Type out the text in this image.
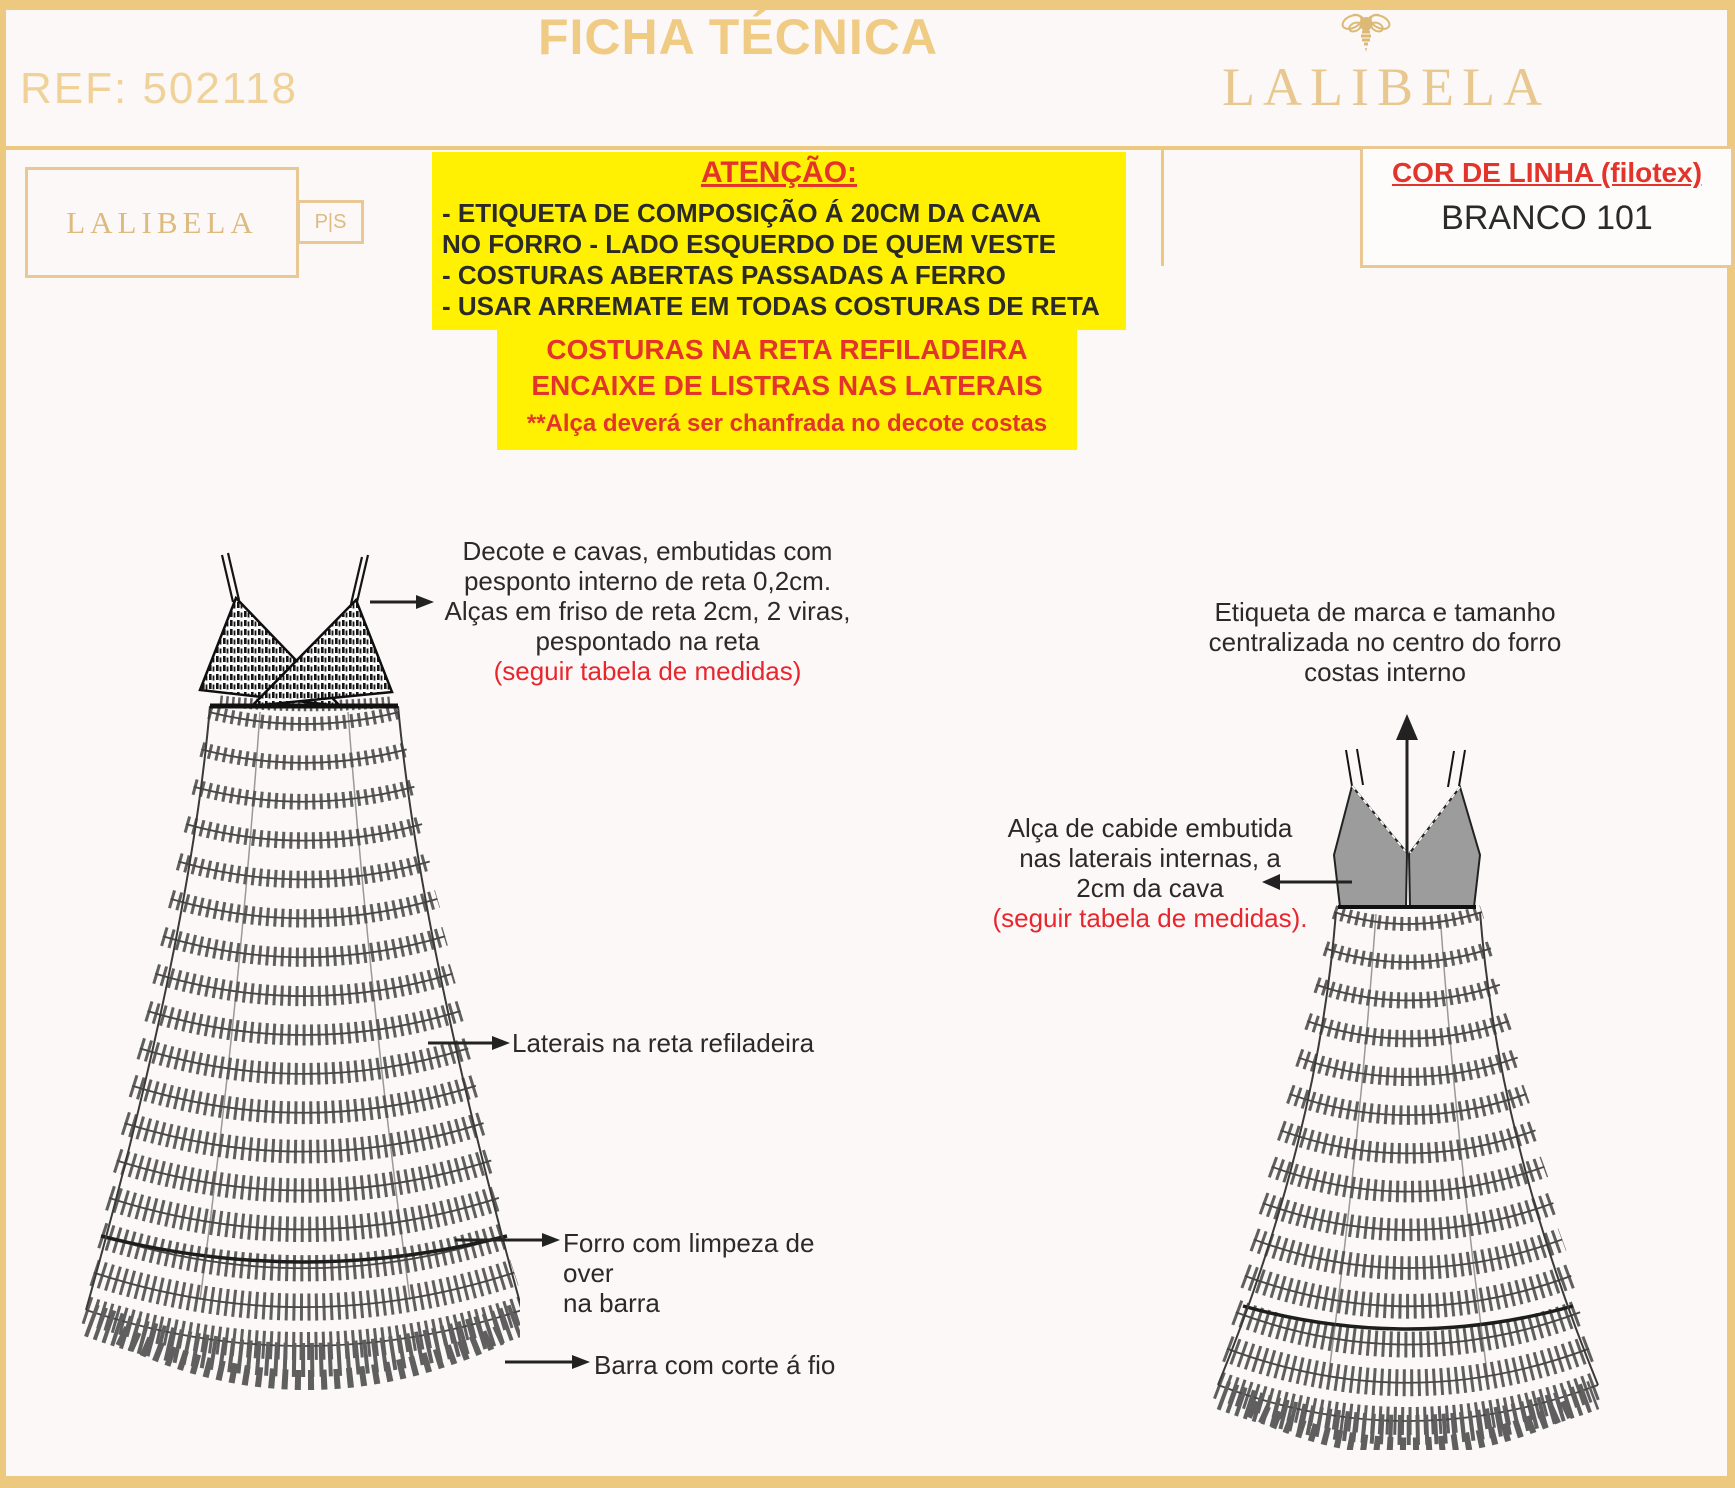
REF: 502118
FICHA TÉCNICA
LALIBELA
LALIBELA	P|S
ATENÇÃO:
- ETIQUETA DE COMPOSIÇÃO Á 20CM DA CAVA
NO FORRO - LADO ESQUERDO DE QUEM VESTE
- COSTURAS ABERTAS PASSADAS A FERRO
- USAR ARREMATE EM TODAS COSTURAS DE RETA
COSTURAS NA RETA REFILADEIRA
ENCAIXE DE LISTRAS NAS LATERAIS
**Alça deverá ser chanfrada no decote costas
COR DE LINHA (filotex)
BRANCO 101
Decote e cavas, embutidas com
pesponto interno de reta 0,2cm.
Alças em friso de reta 2cm, 2 viras,
pespontado na reta
(seguir tabela de medidas)
Laterais na reta refiladeira
Forro com limpeza de over
na barra
Barra com corte á fio
Etiqueta de marca e tamanho
centralizada no centro do forro
costas interno
Alça de cabide embutida
nas laterais internas, a
2cm da cava
(seguir tabela de medidas).
